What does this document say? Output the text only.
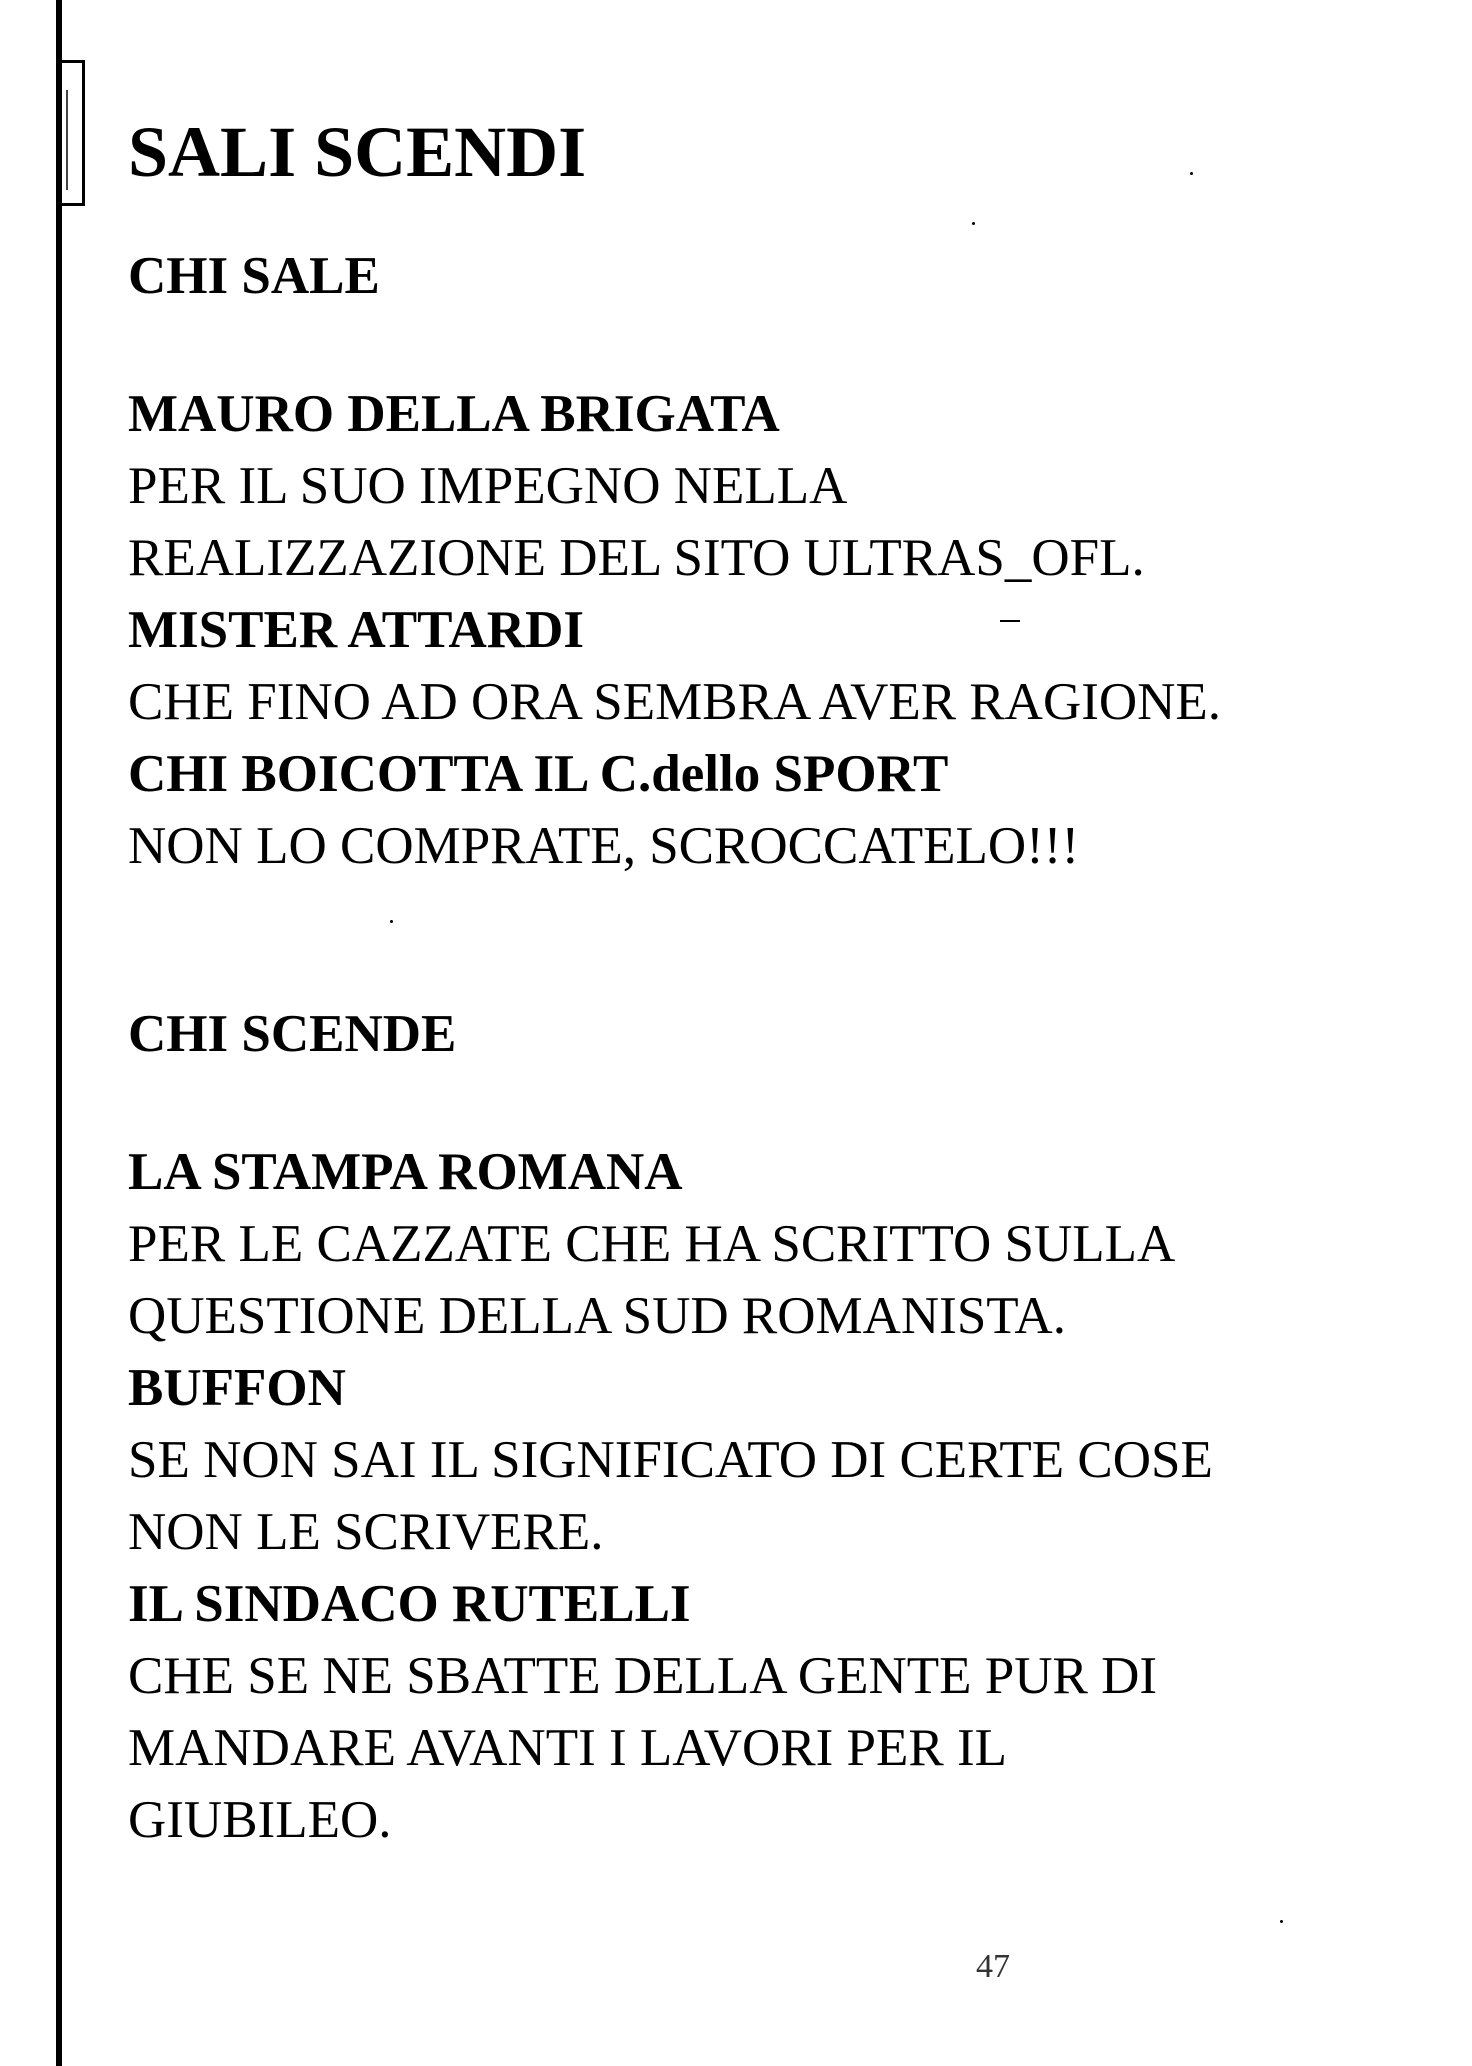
SALI SCENDI
CHI SALE

MAURO DELLA BRIGATA

PER IL SUO IMPEGNO NELLA
REALIZZAZIONE DEL SITO ULTRAS_OFL.

MISTER ATTARDI

CHE FINO AD ORA SEMBRA AVER RAGIONE.

CHI BOICOTTA IL C.dello SPORT

NON LO COMPRATE, SCROCCATELO!!!

CHI SCENDE

LA STAMPA ROMANA

PER LE CAZZATE CHE HA SCRITTO SULLA
QUESTIONE DELLA SUD ROMANISTA.

BUFFON

SE NON SAI IL SIGNIFICATO DI CERTE COSE
NON LE SCRIVERE.

IL SINDACO RUTELLI

CHE SE NE SBATTE DELLA GENTE PUR DI
MANDARE AVANTI I LAVORI PER IL
GIUBILEO.

47
